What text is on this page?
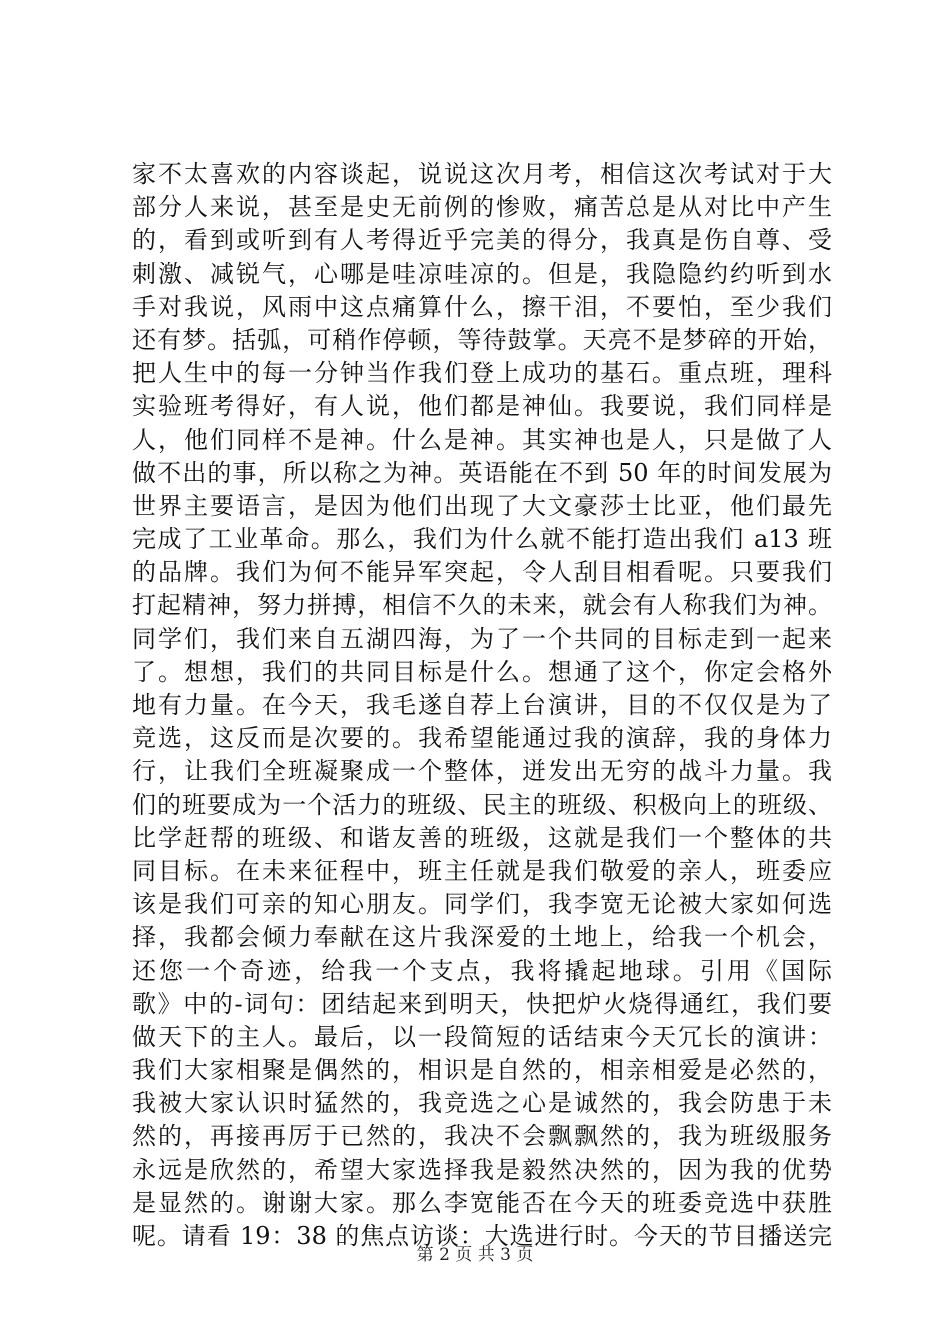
家不太喜欢的内容谈起，说说这次月考，相信这次考试对于大
部分人来说，甚至是史无前例的惨败，痛苦总是从对比中产生
的，看到或听到有人考得近乎完美的得分，我真是伤自尊、受
刺激、减锐气，心哪是哇凉哇凉的。但是，我隐隐约约听到水
手对我说，风雨中这点痛算什么，擦干泪，不要怕，至少我们
还有梦。括弧，可稍作停顿，等待鼓掌。天亮不是梦碎的开始，
把人生中的每一分钟当作我们登上成功的基石。重点班，理科
实验班考得好，有人说，他们都是神仙。我要说，我们同样是
人，他们同样不是神。什么是神。其实神也是人，只是做了人
做不出的事，所以称之为神。英语能在不到 50 年的时间发展为
世界主要语言，是因为他们出现了大文豪莎士比亚，他们最先
完成了工业革命。那么，我们为什么就不能打造出我们 a13 班
的品牌。我们为何不能异军突起，令人刮目相看呢。只要我们
打起精神，努力拼搏，相信不久的未来，就会有人称我们为神。
同学们，我们来自五湖四海，为了一个共同的目标走到一起来
了。想想，我们的共同目标是什么。想通了这个，你定会格外
地有力量。在今天，我毛遂自荐上台演讲，目的不仅仅是为了
竞选，这反而是次要的。我希望能通过我的演辞，我的身体力
行，让我们全班凝聚成一个整体，迸发出无穷的战斗力量。我
们的班要成为一个活力的班级、民主的班级、积极向上的班级、
比学赶帮的班级、和谐友善的班级，这就是我们一个整体的共
同目标。在未来征程中，班主任就是我们敬爱的亲人，班委应
该是我们可亲的知心朋友。同学们，我李宽无论被大家如何选
择，我都会倾力奉献在这片我深爱的土地上，给我一个机会，
还您一个奇迹，给我一个支点，我将撬起地球。引用《国际
歌》中的-词句：团结起来到明天，快把炉火烧得通红，我们要
做天下的主人。最后，以一段简短的话结束今天冗长的演讲：
我们大家相聚是偶然的，相识是自然的，相亲相爱是必然的，
我被大家认识时猛然的，我竞选之心是诚然的，我会防患于未
然的，再接再厉于已然的，我决不会飘飘然的，我为班级服务
永远是欣然的，希望大家选择我是毅然决然的，因为我的优势
是显然的。谢谢大家。那么李宽能否在今天的班委竞选中获胜
呢。请看 19：38 的焦点访谈：大选进行时。今天的节目播送完
第 2 页 共 3 页
